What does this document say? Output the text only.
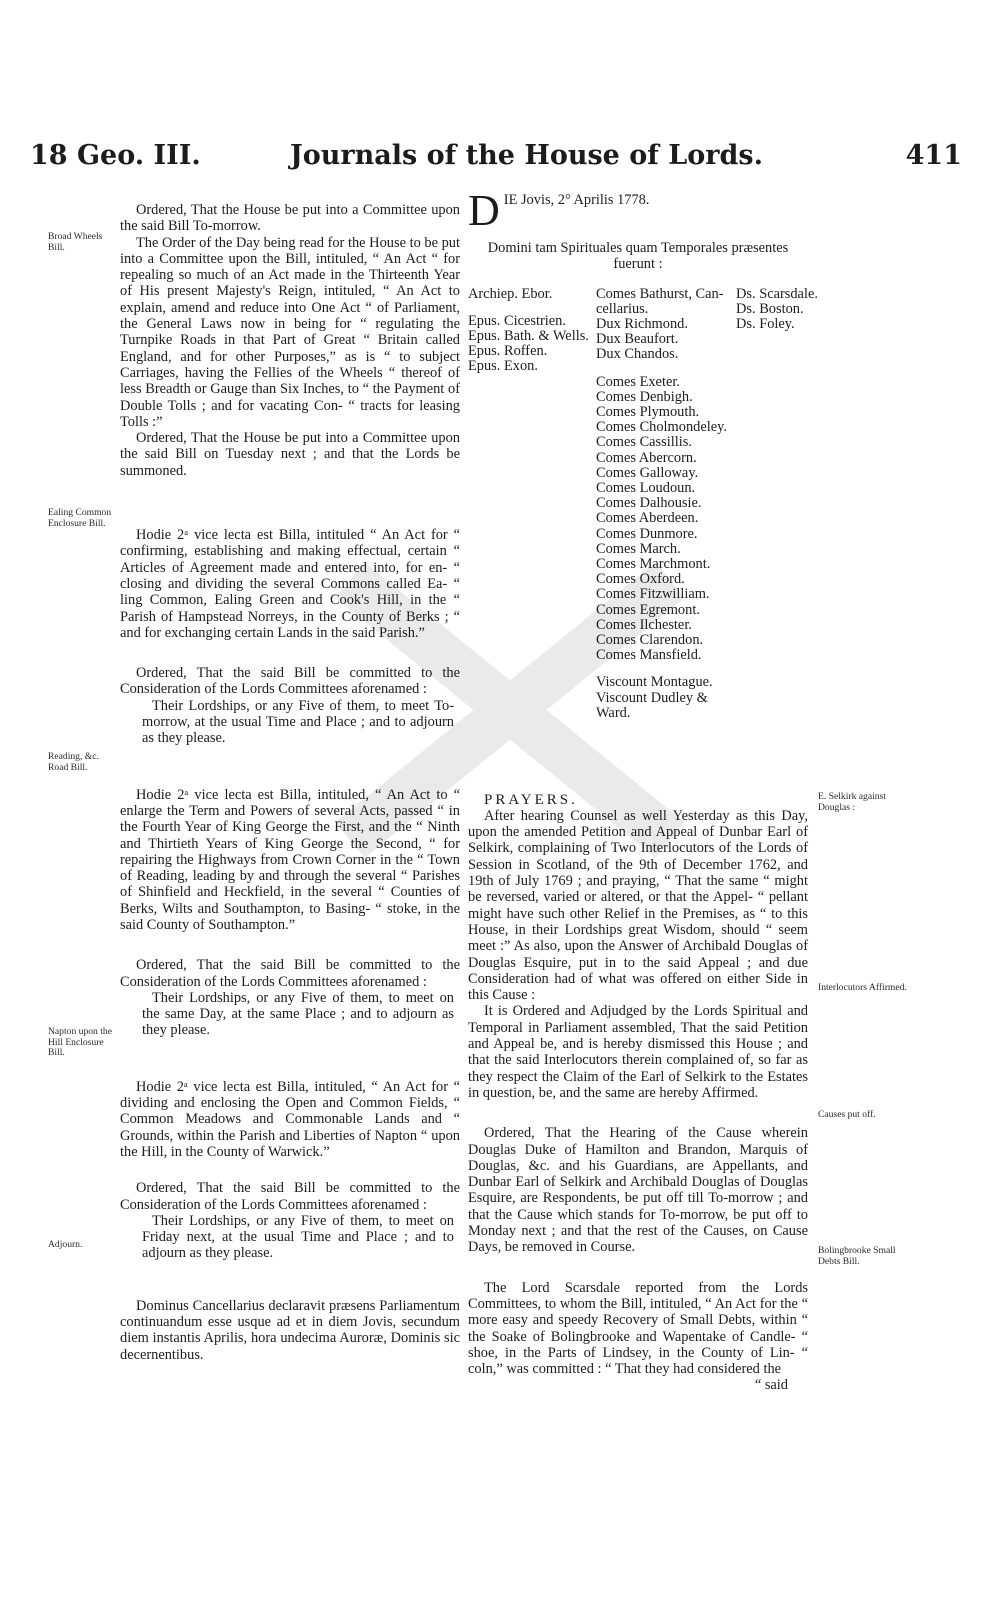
18 Geo. III.	Journals of the House of Lords.	411
Broad Wheels Bill.
Ealing Common Enclosure Bill.
Reading, &c. Road Bill.
Napton upon the Hill Enclosure Bill.
Adjourn.
E. Selkirk against Douglas :
Interlocutors Affirmed.
Causes put off.
Bolingbrooke Small Debts Bill.

Ordered, That the House be put into a Committee upon the said Bill To-morrow.

The Order of the Day being read for the House to be put into a Committee upon the Bill, intituled, “ An Act “ for repealing so much of an Act made in the Thirteenth Year of His present Majesty's Reign, intituled, “ An Act to explain, amend and reduce into One Act “ of Parliament, the General Laws now in being for “ regulating the Turnpike Roads in that Part of Great “ Britain called England, and for other Purposes,” as is “ to subject Carriages, having the Fellies of the Wheels “ thereof of less Breadth or Gauge than Six Inches, to “ the Payment of Double Tolls ; and for vacating Con- “ tracts for leasing Tolls :”

Ordered, That the House be put into a Committee upon the said Bill on Tuesday next ; and that the Lords be summoned.

Hodie 2ᵃ vice lecta est Billa, intituled “ An Act for “ confirming, establishing and making effectual, certain “ Articles of Agreement made and entered into, for en- “ closing and dividing the several Commons called Ea- “ ling Common, Ealing Green and Cook's Hill, in the “ Parish of Hampstead Norreys, in the County of Berks ; “ and for exchanging certain Lands in the said Parish.”

Ordered, That the said Bill be committed to the Consideration of the Lords Committees aforenamed :

Their Lordships, or any Five of them, to meet To-morrow, at the usual Time and Place ; and to adjourn as they please.

Hodie 2ᵃ vice lecta est Billa, intituled, “ An Act to “ enlarge the Term and Powers of several Acts, passed “ in the Fourth Year of King George the First, and the “ Ninth and Thirtieth Years of King George the Second, “ for repairing the Highways from Crown Corner in the “ Town of Reading, leading by and through the several “ Parishes of Shinfield and Heckfield, in the several “ Counties of Berks, Wilts and Southampton, to Basing- “ stoke, in the said County of Southampton.”

Ordered, That the said Bill be committed to the Consideration of the Lords Committees aforenamed :

Their Lordships, or any Five of them, to meet on the same Day, at the same Place ; and to adjourn as they please.

Hodie 2ᵃ vice lecta est Billa, intituled, “ An Act for “ dividing and enclosing the Open and Common Fields, “ Common Meadows and Commonable Lands and “ Grounds, within the Parish and Liberties of Napton “ upon the Hill, in the County of Warwick.”

Ordered, That the said Bill be committed to the Consideration of the Lords Committees aforenamed :

Their Lordships, or any Five of them, to meet on Friday next, at the usual Time and Place ; and to adjourn as they please.

Dominus Cancellarius declaravit præsens Parliamentum continuandum esse usque ad et in diem Jovis, secundum diem instantis Aprilis, hora undecima Auroræ, Dominis sic decernentibus.

D IE Jovis, 2° Aprilis 1778.

Domini tam Spirituales quam Temporales præsentes fuerunt :

Archiep. Ebor.
Epus. Cicestrien.
Epus. Bath. & Wells.
Epus. Roffen.
Epus. Exon.
Comes Bathurst, Can-
cellarius.
Dux Richmond.
Dux Beaufort.
Dux Chandos.
Comes Exeter.
Comes Denbigh.
Comes Plymouth.
Comes Cholmondeley.
Comes Cassillis.
Comes Abercorn.
Comes Galloway.
Comes Loudoun.
Comes Dalhousie.
Comes Aberdeen.
Comes Dunmore.
Comes March.
Comes Marchmont.
Comes Oxford.
Comes Fitzwilliam.
Comes Egremont.
Comes Ilchester.
Comes Clarendon.
Comes Mansfield.
Viscount Montague.
Viscount Dudley &
Ward.
Ds. Scarsdale.
Ds. Boston.
Ds. Foley.

PRAYERS.

After hearing Counsel as well Yesterday as this Day, upon the amended Petition and Appeal of Dunbar Earl of Selkirk, complaining of Two Interlocutors of the Lords of Session in Scotland, of the 9th of December 1762, and 19th of July 1769 ; and praying, “ That the same “ might be reversed, varied or altered, or that the Appel- “ pellant might have such other Relief in the Premises, as “ to this House, in their Lordships great Wisdom, should “ seem meet :” As also, upon the Answer of Archibald Douglas of Douglas Esquire, put in to the said Appeal ; and due Consideration had of what was offered on either Side in this Cause :

It is Ordered and Adjudged by the Lords Spiritual and Temporal in Parliament assembled, That the said Petition and Appeal be, and is hereby dismissed this House ; and that the said Interlocutors therein complained of, so far as they respect the Claim of the Earl of Selkirk to the Estates in question, be, and the same are hereby Affirmed.

Ordered, That the Hearing of the Cause wherein Douglas Duke of Hamilton and Brandon, Marquis of Douglas, &c. and his Guardians, are Appellants, and Dunbar Earl of Selkirk and Archibald Douglas of Douglas Esquire, are Respondents, be put off till To-morrow ; and that the Cause which stands for To-morrow, be put off to Monday next ; and that the rest of the Causes, on Cause Days, be removed in Course.

The Lord Scarsdale reported from the Lords Committees, to whom the Bill, intituled, “ An Act for the “ more easy and speedy Recovery of Small Debts, within “ the Soake of Bolingbrooke and Wapentake of Candle- “ shoe, in the Parts of Lindsey, in the County of Lin- “ coln,” was committed : “ That they had considered the

“ said
